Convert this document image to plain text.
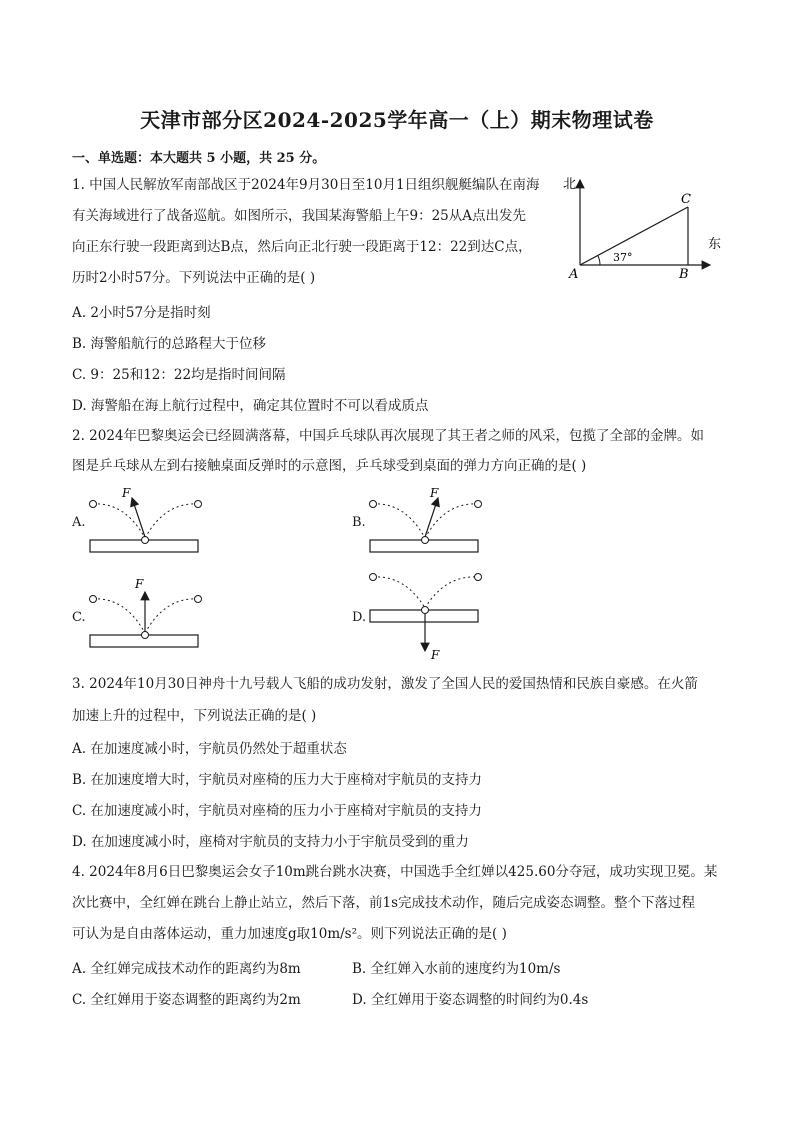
天津市部分区2024-2025学年高一（上）期末物理试卷
一、单选题：本大题共 5 小题，共 25 分。
1. 中国人民解放军南部战区于2024年9月30日至10月1日组织舰艇编队在南海
有关海域进行了战备巡航。如图所示，我国某海警船上午9：25从A点出发先
向正东行驶一段距离到达B点，然后向正北行驶一段距离于12：22到达C点，
历时2小时57分。下列说法中正确的是( )
A. 2小时57分是指时刻
B. 海警船航行的总路程大于位移
C. 9：25和12：22均是指时间间隔
D. 海警船在海上航行过程中，确定其位置时不可以看成质点
北
东
A	B
C
37°
2. 2024年巴黎奥运会已经圆满落幕，中国乒乓球队再次展现了其王者之师的风采，包揽了全部的金牌。如
图是乒乓球从左到右接触桌面反弹时的示意图，乒乓球受到桌面的弹力方向正确的是( )
A.
F
B.
F
C.
F
D.
F
3. 2024年10月30日神舟十九号载人飞船的成功发射，激发了全国人民的爱国热情和民族自豪感。在火箭
加速上升的过程中，下列说法正确的是( )
A. 在加速度减小时，宇航员仍然处于超重状态
B. 在加速度增大时，宇航员对座椅的压力大于座椅对宇航员的支持力
C. 在加速度减小时，宇航员对座椅的压力小于座椅对宇航员的支持力
D. 在加速度减小时，座椅对宇航员的支持力小于宇航员受到的重力
4. 2024年8月6日巴黎奥运会女子10m跳台跳水决赛，中国选手全红婵以425.60分夺冠，成功实现卫冕。某
次比赛中，全红婵在跳台上静止站立，然后下落，前1s完成技术动作，随后完成姿态调整。整个下落过程
可认为是自由落体运动，重力加速度g取10m/s²。则下列说法正确的是( )
A. 全红婵完成技术动作的距离约为8m	B. 全红婵入水前的速度约为10m/s
C. 全红婵用于姿态调整的距离约为2m	D. 全红婵用于姿态调整的时间约为0.4s
